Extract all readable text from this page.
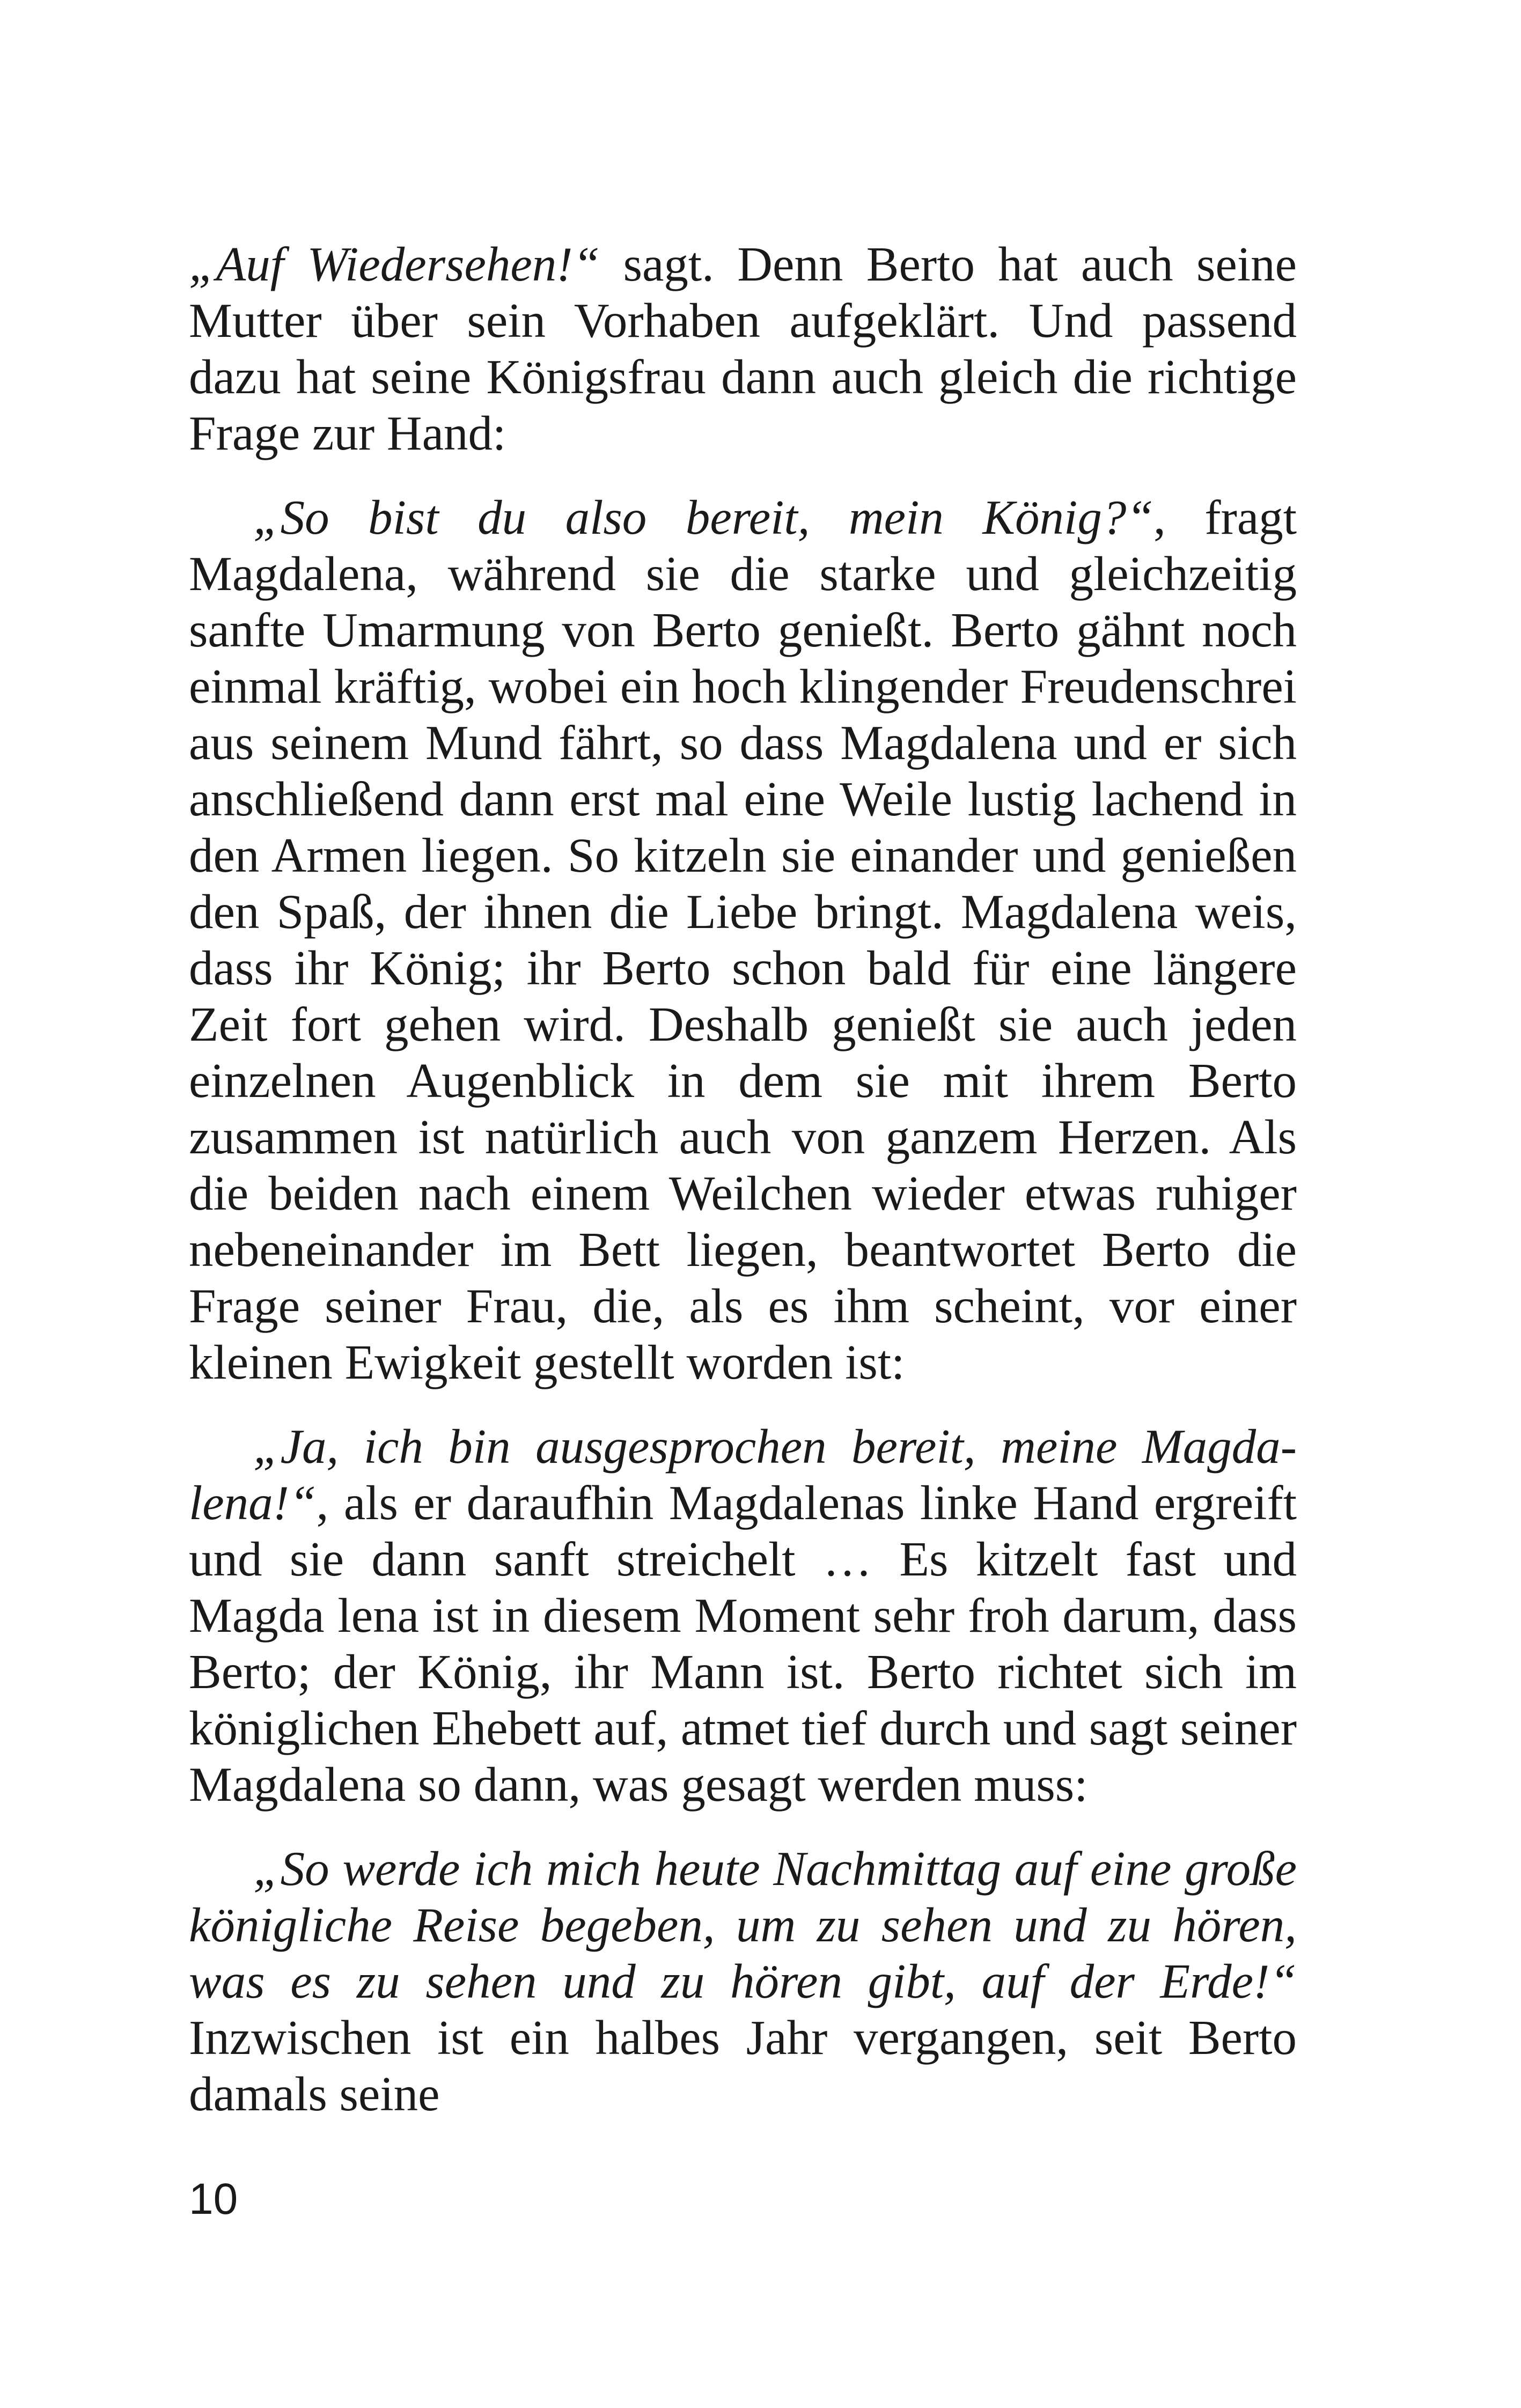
„Auf Wiedersehen!“ sagt. Denn Berto hat auch seine Mutter über sein Vorhaben aufgeklärt. Und passend dazu hat seine Königsfrau dann auch gleich die richtige Frage zur Hand:

„So bist du also bereit, mein König?“, fragt Magdalena, während sie die starke und gleichzeitig sanfte Umarmung von Berto genießt. Berto gähnt noch einmal kräftig, wobei ein hoch klingender Freudenschrei aus seinem Mund fährt, so dass Magdalena und er sich anschließend dann erst mal eine Weile lustig lachend in den Armen liegen. So kitzeln sie einander und genießen den Spaß, der ihnen die Liebe bringt. Magdalena weis, dass ihr König; ihr Berto schon bald für eine längere Zeit fort gehen wird. Deshalb genießt sie auch jeden einzelnen Augenblick in dem sie mit ihrem Berto zusammen ist natürlich auch von ganzem Herzen. Als die beiden nach einem Weilchen wieder etwas ruhiger nebeneinander im Bett liegen, beantwortet Berto die Frage seiner Frau, die, als es ihm scheint, vor einer kleinen Ewigkeit gestellt worden ist:

„Ja, ich bin ausgesprochen bereit, meine Magdalena!“, als er daraufhin Magdalenas linke Hand ergreift und sie dann sanft streichelt … Es kitzelt fast und Magda lena ist in diesem Moment sehr froh darum, dass Berto; der König, ihr Mann ist. Berto richtet sich im königlichen Ehebett auf, atmet tief durch und sagt seiner Magdalena so dann, was gesagt werden muss:

„So werde ich mich heute Nachmittag auf eine große königliche Reise begeben, um zu sehen und zu hören, was es zu sehen und zu hören gibt, auf der Erde!“ Inzwischen ist ein halbes Jahr vergangen, seit Berto damals seine

10
